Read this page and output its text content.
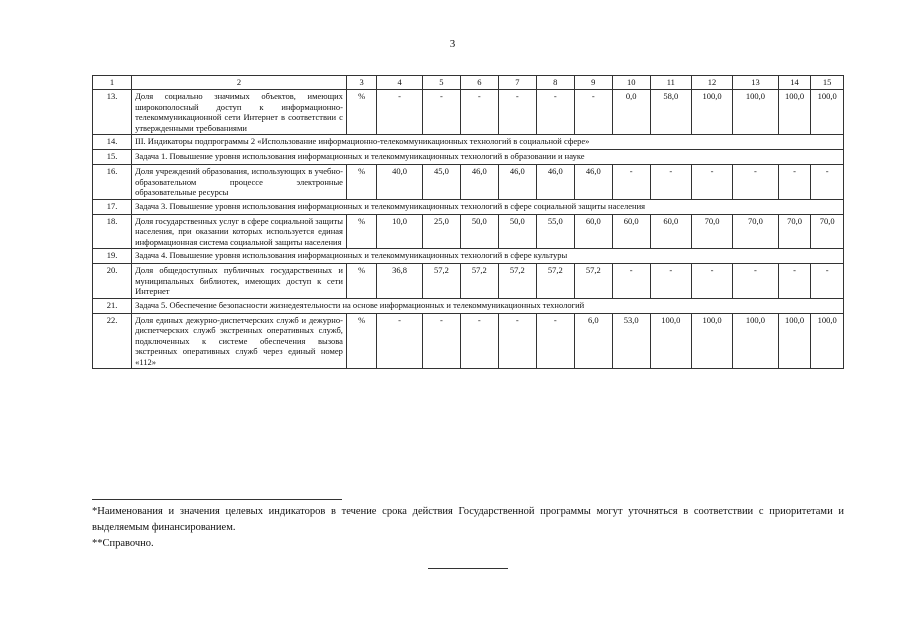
3
1	2	3	4	5	6	7	8	9	10	11	12	13	14	15
13.	Доля социально значимых объектов, имеющих широкополосный доступ к информационно-телекоммуникационной сети Интернет в соответствии с утвержденными требованиями	%	-	-	-	-	-	-	0,0	58,0	100,0	100,0	100,0	100,0
14.	III. Индикаторы подпрограммы 2 «Использование информационно-телекоммуникационных технологий в социальной сфере»													
15.	Задача 1. Повышение уровня использования информационных и телекоммуникационных технологий в образовании и науке													
16.	Доля учреждений образования, использующих в учебно-образовательном процессе электронные образовательные ресурсы	%	40,0	45,0	46,0	46,0	46,0	46,0	-	-	-	-	-	-
17.	Задача 3. Повышение уровня использования информационных и телекоммуникационных технологий в сфере социальной защиты населения													
18.	Доля государственных услуг в сфере социальной защиты населения, при оказании которых используется единая информационная система социальной защиты населения	%	10,0	25,0	50,0	50,0	55,0	60,0	60,0	60,0	70,0	70,0	70,0	70,0
19.	Задача 4. Повышение уровня использования информационных и телекоммуникационных технологий в сфере культуры													
20.	Доля общедоступных публичных государственных и муниципальных библиотек, имеющих доступ к сети Интернет	%	36,8	57,2	57,2	57,2	57,2	57,2	-	-	-	-	-	-
21.	Задача 5. Обеспечение безопасности жизнедеятельности на основе информационных и телекоммуникационных технологий													
22.	Доля единых дежурно-диспетчерских служб и дежурно-диспетчерских служб экстренных оперативных служб, подключенных к системе обеспечения вызова экстренных оперативных служб через единый номер «112»	%	-	-	-	-	-	6,0	53,0	100,0	100,0	100,0	100,0	100,0

*Наименования и значения целевых индикаторов в течение срока действия Государственной программы могут уточняться в соответствии с приоритетами и выделяемым финансированием.

**Справочно.
